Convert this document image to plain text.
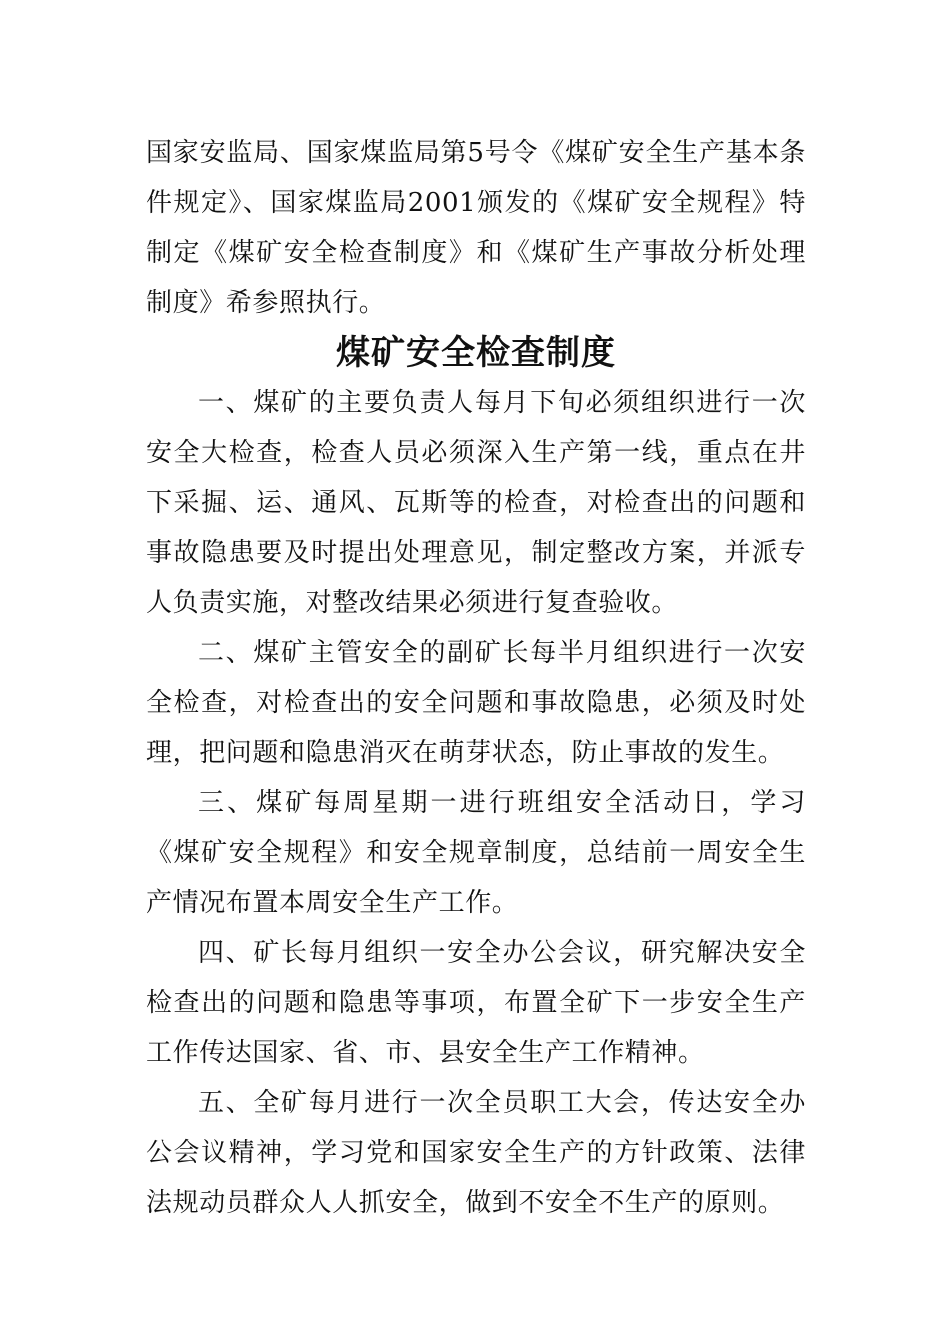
国家安监局、国家煤监局第5号令《煤矿安全生产基本条件规定》、国家煤监局2001颁发的《煤矿安全规程》特制定《煤矿安全检查制度》和《煤矿生产事故分析处理制度》希参照执行。

煤矿安全检查制度

一、煤矿的主要负责人每月下旬必须组织进行一次安全大检查，检查人员必须深入生产第一线，重点在井下采掘、运、通风、瓦斯等的检查，对检查出的问题和事故隐患要及时提出处理意见，制定整改方案，并派专人负责实施，对整改结果必须进行复查验收。

二、煤矿主管安全的副矿长每半月组织进行一次安全检查，对检查出的安全问题和事故隐患，必须及时处理，把问题和隐患消灭在萌芽状态，防止事故的发生。

三、煤矿每周星期一进行班组安全活动日，学习《煤矿安全规程》和安全规章制度，总结前一周安全生产情况布置本周安全生产工作。

四、矿长每月组织一安全办公会议，研究解决安全检查出的问题和隐患等事项，布置全矿下一步安全生产工作传达国家、省、市、县安全生产工作精神。

五、全矿每月进行一次全员职工大会，传达安全办公会议精神，学习党和国家安全生产的方针政策、法律法规动员群众人人抓安全，做到不安全不生产的原则。
